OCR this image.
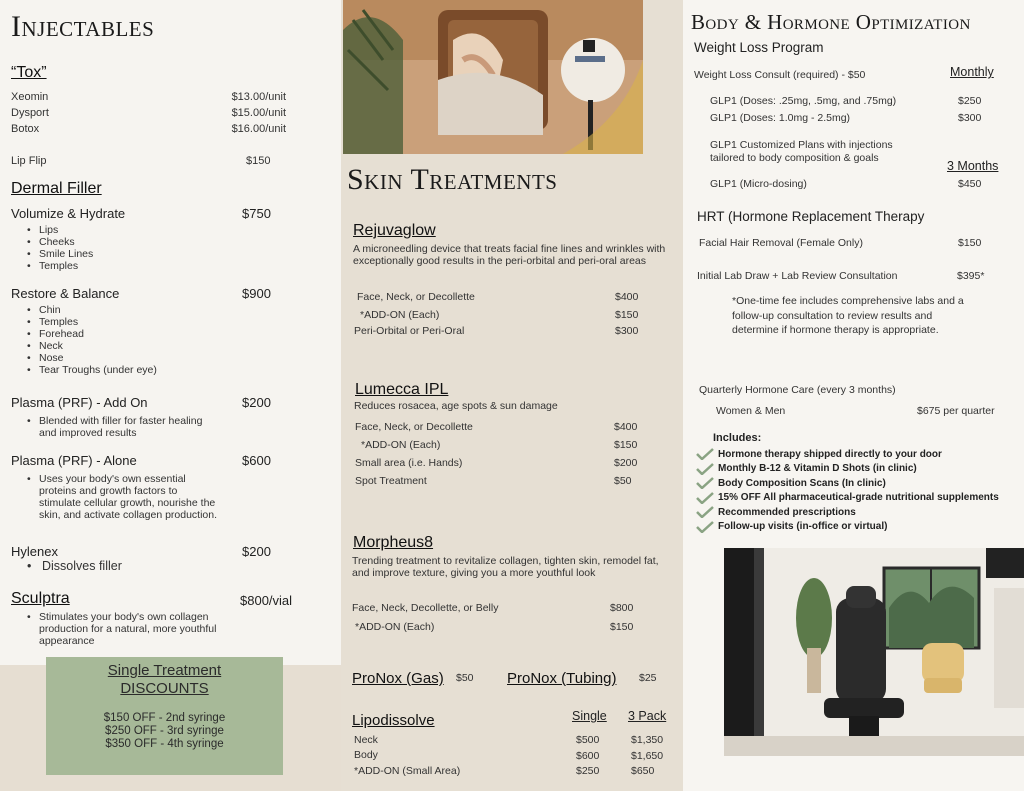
Injectables
“Tox”
Xeomin	$13.00/unit
Dysport	$15.00/unit
Botox	$16.00/unit
Lip Flip	$150
Dermal Filler
Volumize & Hydrate	$750
• Lips
• Cheeks
• Smile Lines
• Temples
Restore & Balance	$900
• Chin
• Temples
• Forehead
• Neck
• Nose
• Tear Troughs (under eye)
Plasma (PRF) - Add On	$200
• Blended with filler for faster healing and improved results
Plasma (PRF) - Alone	$600
• Uses your body's own essential proteins and growth factors to stimulate cellular growth, nourishe the skin, and activate collagen production.
Hylenex	$200
• Dissolves filler
Sculptra	$800/vial
• Stimulates your body's own collagen production for a natural, more youthful appearance
Single Treatment
DISCOUNTS
$150 OFF - 2nd syringe
$250 OFF - 3rd syringe
$350 OFF - 4th syringe
Skin Treatments
Rejuvaglow
A microneedling device that treats facial fine lines and wrinkles with exceptionally good results in the peri-orbital and peri-oral areas
Face, Neck, or Decollette	$400
*ADD-ON (Each)	$150
Peri-Orbital or Peri-Oral	$300
Lumecca IPL
Reduces rosacea, age spots & sun damage
Face, Neck, or Decollette	$400
*ADD-ON (Each)	$150
Small area (i.e. Hands)	$200
Spot Treatment	$50
Morpheus8
Trending treatment to revitalize collagen, tighten skin, remodel fat, and improve texture, giving you a more youthful look
Face, Neck, Decollette, or Belly	$800
*ADD-ON (Each)	$150
ProNox (Gas) $50 ProNox (Tubing) $25
Lipodissolve	Single 3 Pack
Neck	$500	$1,350
Body	$600	$1,650
*ADD-ON (Small Area)	$250	$650
Body & Hormone Optimization
Weight Loss Program
Weight Loss Consult (required) - $50	Monthly
GLP1 (Doses: .25mg, .5mg, and .75mg)	$250
GLP1 (Doses: 1.0mg - 2.5mg)	$300
GLP1 Customized Plans with injections tailored to body composition & goals
3 Months
GLP1 (Micro-dosing)	$450
HRT (Hormone Replacement Therapy
Facial Hair Removal (Female Only)	$150
Initial Lab Draw + Lab Review Consultation	$395*
*One-time fee includes comprehensive labs and a follow-up consultation to review results and determine if hormone therapy is appropriate.
Quarterly Hormone Care (every 3 months)
Women & Men	$675 per quarter
Includes:
Hormone therapy shipped directly to your door
Monthly B-12 & Vitamin D Shots (in clinic)
Body Composition Scans (In clinic)
15% OFF All pharmaceutical-grade nutritional supplements
Recommended prescriptions
Follow-up visits (in-office or virtual)
